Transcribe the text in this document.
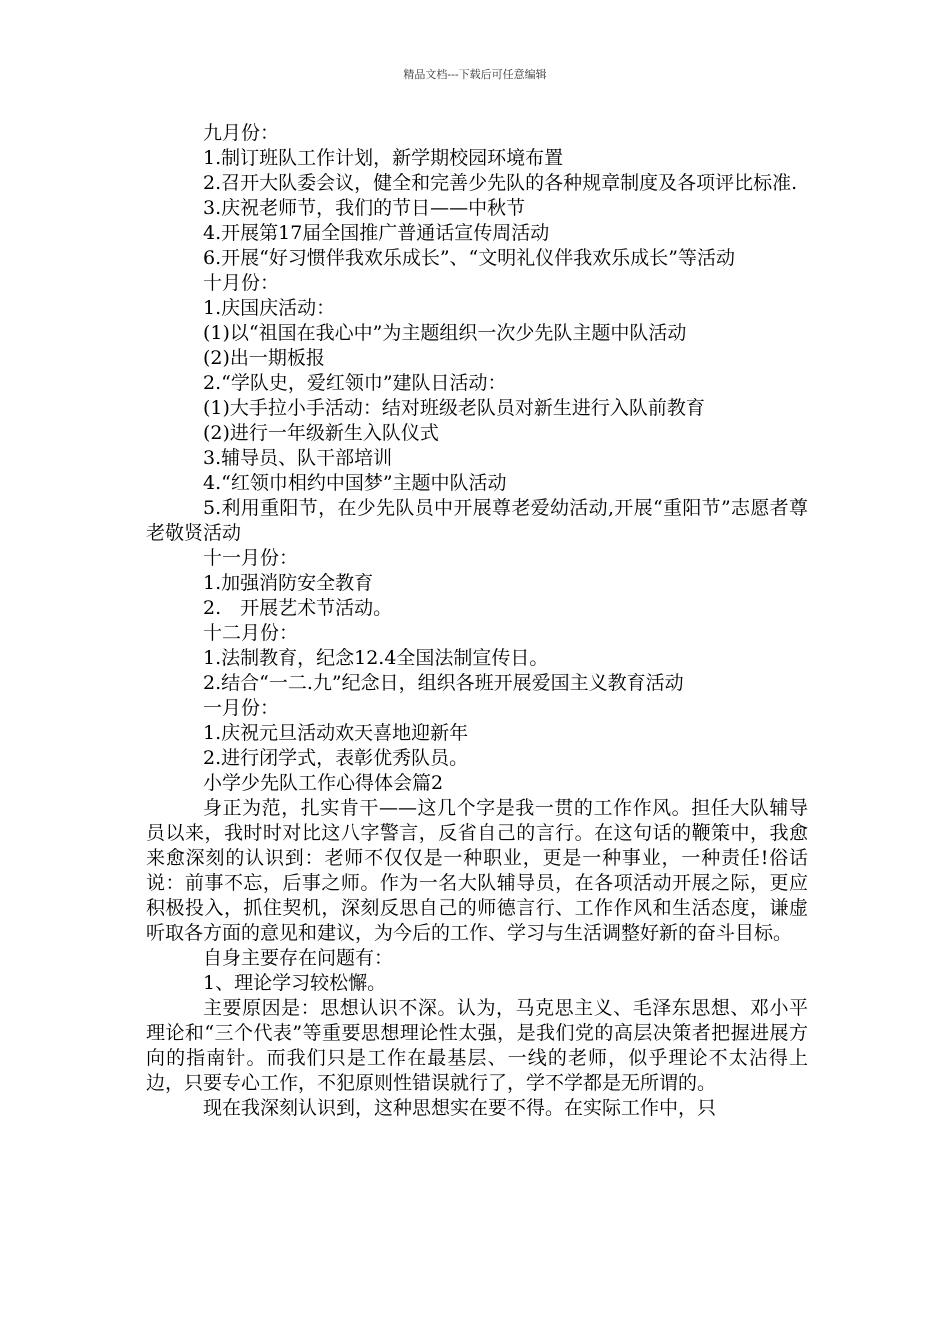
精品文档---下载后可任意编辑

九月份：

1.制订班队工作计划，新学期校园环境布置

2.召开大队委会议，健全和完善少先队的各种规章制度及各项评比标准.

3.庆祝老师节，我们的节日——中秋节

4.开展第17届全国推广普通话宣传周活动

6.开展“好习惯伴我欢乐成长”、“文明礼仪伴我欢乐成长”等活动

十月份：

1.庆国庆活动：

(1)以“祖国在我心中”为主题组织一次少先队主题中队活动

(2)出一期板报

2.“学队史，爱红领巾”建队日活动：

(1)大手拉小手活动：结对班级老队员对新生进行入队前教育

(2)进行一年级新生入队仪式

3.辅导员、队干部培训

4.“红领巾相约中国梦”主题中队活动

5.利用重阳节，在少先队员中开展尊老爱幼活动,开展“重阳节”志愿者尊老敬贤活动

十一月份：

1.加强消防安全教育

2.　开展艺术节活动。

十二月份：

1.法制教育，纪念12.4全国法制宣传日。

2.结合“一二.九”纪念日，组织各班开展爱国主义教育活动

一月份：

1.庆祝元旦活动欢天喜地迎新年

2.进行闭学式，表彰优秀队员。

小学少先队工作心得体会篇2

身正为范，扎实肯干——这几个字是我一贯的工作作风。担任大队辅导员以来，我时时对比这八字警言，反省自己的言行。在这句话的鞭策中，我愈来愈深刻的认识到：老师不仅仅是一种职业，更是一种事业，一种责任!俗话说：前事不忘，后事之师。作为一名大队辅导员，在各项活动开展之际，更应积极投入，抓住契机，深刻反思自己的师德言行、工作作风和生活态度，谦虚听取各方面的意见和建议，为今后的工作、学习与生活调整好新的奋斗目标。

自身主要存在问题有：

1、理论学习较松懈。

主要原因是：思想认识不深。认为，马克思主义、毛泽东思想、邓小平理论和“三个代表”等重要思想理论性太强，是我们党的高层决策者把握进展方向的指南针。而我们只是工作在最基层、一线的老师，似乎理论不太沾得上边，只要专心工作，不犯原则性错误就行了，学不学都是无所谓的。

现在我深刻认识到，这种思想实在要不得。在实际工作中，只
